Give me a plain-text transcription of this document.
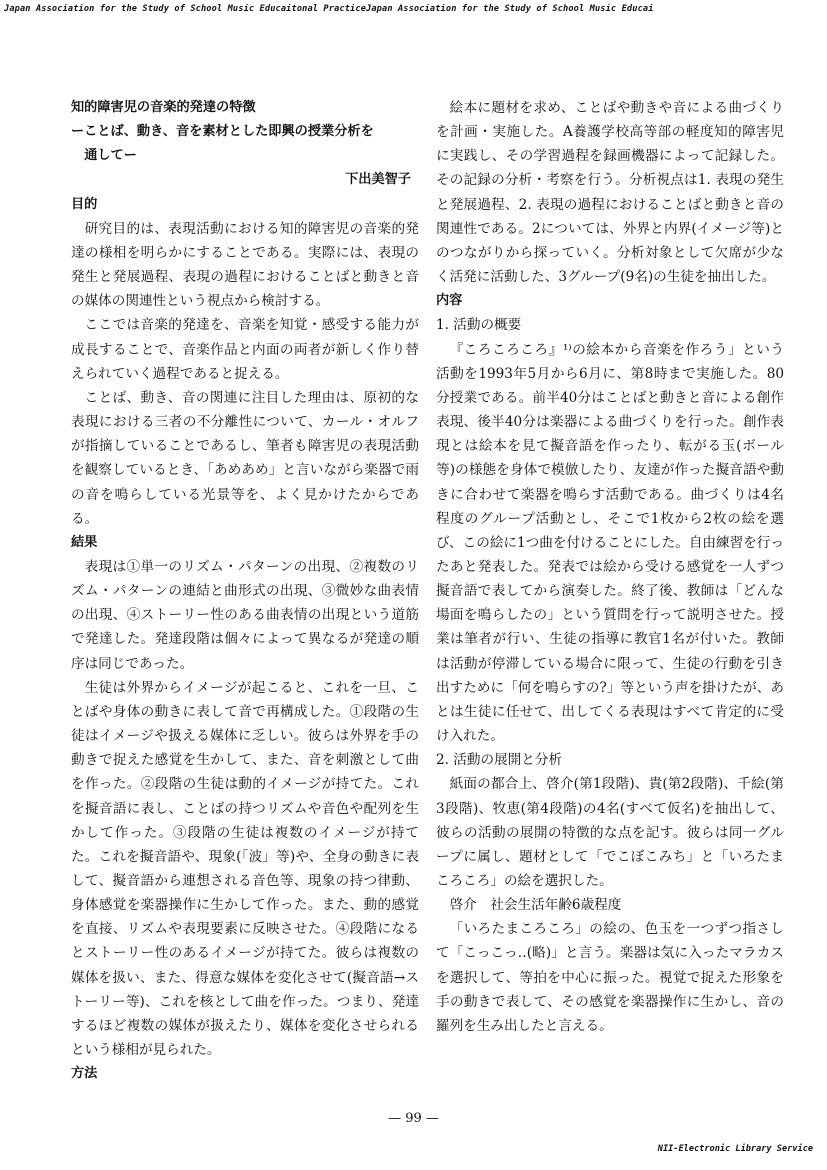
Japan Association for the Study of School Music Educaitonal PracticeJapan Association for the Study of School Music Educai
知的障害児の音楽的発達の特徴
ーことば、動き、音を素材とした即興の授業分析を
通してー
下出美智子
目的

研究目的は、表現活動における知的障害児の音楽的発達の様相を明らかにすることである。実際には、表現の発生と発展過程、表現の過程におけることばと動きと音の媒体の関連性という視点から検討する。

ここでは音楽的発達を、音楽を知覚・感受する能力が成長することで、音楽作品と内面の両者が新しく作り替えられていく過程であると捉える。

ことば、動き、音の関連に注目した理由は、原初的な表現における三者の不分離性について、カール・オルフが指摘していることであるし、筆者も障害児の表現活動を観察しているとき、「あめあめ」と言いながら楽器で雨の音を鳴らしている光景等を、よく見かけたからである。

結果

表現は①単一のリズム・パターンの出現、②複数のリズム・パターンの連結と曲形式の出現、③微妙な曲表情の出現、④ストーリー性のある曲表情の出現という道筋で発達した。発達段階は個々によって異なるが発達の順序は同じであった。

生徒は外界からイメージが起こると、これを一旦、ことばや身体の動きに表して音で再構成した。①段階の生徒はイメージや扱える媒体に乏しい。彼らは外界を手の動きで捉えた感覚を生かして、また、音を刺激として曲を作った。②段階の生徒は動的イメージが持てた。これを擬音語に表し、ことばの持つリズムや音色や配列を生かして作った。③段階の生徒は複数のイメージが持てた。これを擬音語や、現象(「波」等)や、全身の動きに表して、擬音語から連想される音色等、現象の持つ律動、身体感覚を楽器操作に生かして作った。また、動的感覚を直接、リズムや表現要素に反映させた。④段階になるとストーリー性のあるイメージが持てた。彼らは複数の媒体を扱い、また、得意な媒体を変化させて(擬音語→ストーリー等)、これを核として曲を作った。つまり、発達するほど複数の媒体が扱えたり、媒体を変化させられるという様相が見られた。

方法

絵本に題材を求め、ことばや動きや音による曲づくりを計画・実施した。A養護学校高等部の軽度知的障害児に実践し、その学習過程を録画機器によって記録した。その記録の分析・考察を行う。分析視点は1. 表現の発生と発展過程、2. 表現の過程におけることばと動きと音の関連性である。2については、外界と内界(イメージ等)とのつながりから探っていく。分析対象として欠席が少なく活発に活動した、3グループ(9名)の生徒を抽出した。

内容
1. 活動の概要

『ころころころ』¹⁾の絵本から音楽を作ろう」という活動を1993年5月から6月に、第8時まで実施した。80分授業である。前半40分はことばと動きと音による創作表現、後半40分は楽器による曲づくりを行った。創作表現とは絵本を見て擬音語を作ったり、転がる玉(ボール等)の様態を身体で模倣したり、友達が作った擬音語や動きに合わせて楽器を鳴らす活動である。曲づくりは4名程度のグループ活動とし、そこで1枚から2枚の絵を選び、この絵に1つ曲を付けることにした。自由練習を行ったあと発表した。発表では絵から受ける感覚を一人ずつ擬音語で表してから演奏した。終了後、教師は「どんな場面を鳴らしたの」という質問を行って説明させた。授業は筆者が行い、生徒の指導に教官1名が付いた。教師は活動が停滞している場合に限って、生徒の行動を引き出すために「何を鳴らすの?」等という声を掛けたが、あとは生徒に任せて、出してくる表現はすべて肯定的に受け入れた。

2. 活動の展開と分析

紙面の都合上、啓介(第1段階)、貴(第2段階)、千絵(第3段階)、牧恵(第4段階)の4名(すべて仮名)を抽出して、彼らの活動の展開の特徴的な点を記す。彼らは同一グループに属し、題材として「でこぼこみち」と「いろたまころころ」の絵を選択した。

啓介　社会生活年齢6歳程度

「いろたまころころ」の絵の、色玉を一つずつ指さして「こっこっ‥(略)」と言う。楽器は気に入ったマラカスを選択して、等拍を中心に振った。視覚で捉えた形象を手の動きで表して、その感覚を楽器操作に生かし、音の羅列を生み出したと言える。

— 99 —
NII-Electronic Library Service
